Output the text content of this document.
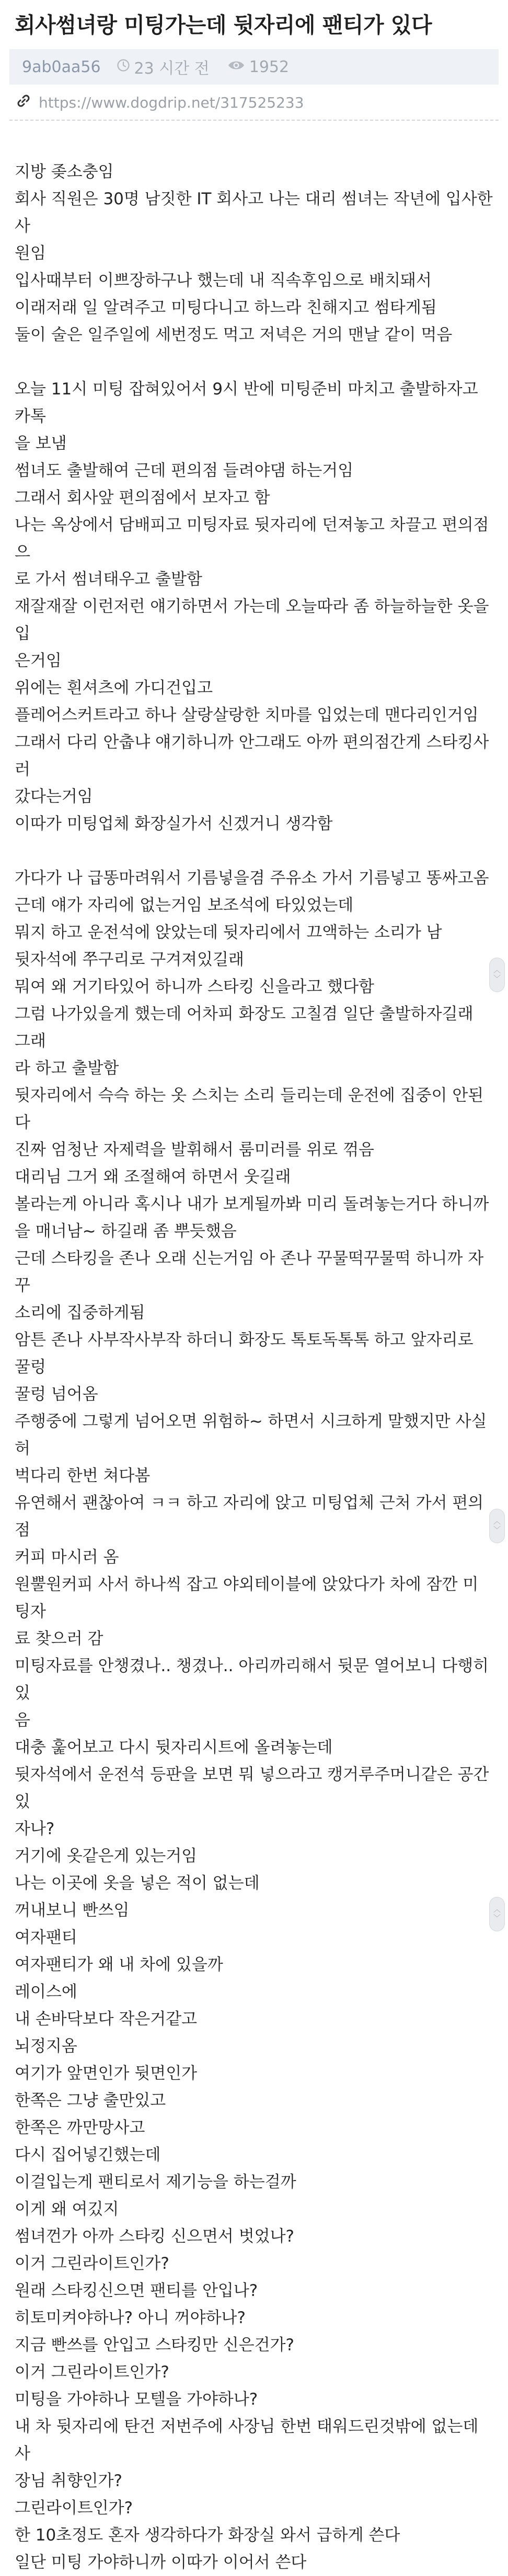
회사썸녀랑 미팅가는데 뒷자리에 팬티가 있다
9ab0aa56 23 시간 전	1952
https://www.dogdrip.net/317525233
지방 좆소충임
회사 직원은 30명 남짓한 IT 회사고 나는 대리 썸녀는 작년에 입사한 사
원임
입사때부터 이쁘장하구나 했는데 내 직속후임으로 배치돼서
이래저래 일 알려주고 미팅다니고 하느라 친해지고 썸타게됨
둘이 술은 일주일에 세번정도 먹고 저녁은 거의 맨날 같이 먹음
오늘 11시 미팅 잡혀있어서 9시 반에 미팅준비 마치고 출발하자고 카톡
을 보냄
썸녀도 출발해여 근데 편의점 들려야댐 하는거임
그래서 회사앞 편의점에서 보자고 함
나는 옥상에서 담배피고 미팅자료 뒷자리에 던져놓고 차끌고 편의점으
로 가서 썸녀태우고 출발함
재잘재잘 이런저런 얘기하면서 가는데 오늘따라 좀 하늘하늘한 옷을 입
은거임
위에는 흰셔츠에 가디건입고
플레어스커트라고 하나 살랑살랑한 치마를 입었는데 맨다리인거임
그래서 다리 안춥냐 얘기하니까 안그래도 아까 편의점간게 스타킹사러
갔다는거임
이따가 미팅업체 화장실가서 신겠거니 생각함
가다가 나 급똥마려워서 기름넣을겸 주유소 가서 기름넣고 똥싸고옴
근데 얘가 자리에 없는거임 보조석에 타있었는데
뭐지 하고 운전석에 앉았는데 뒷자리에서 끄액하는 소리가 남
뒷자석에 쭈구리로 구겨져있길래
뭐여 왜 거기타있어 하니까 스타킹 신을라고 했다함
그럼 나가있을게 했는데 어차피 화장도 고칠겸 일단 출발하자길래 그래
라 하고 출발함
뒷자리에서 슥슥 하는 옷 스치는 소리 들리는데 운전에 집중이 안된다
진짜 엄청난 자제력을 발휘해서 룸미러를 위로 꺾음
대리님 그거 왜 조절해여 하면서 웃길래
볼라는게 아니라 혹시나 내가 보게될까봐 미리 돌려놓는거다 하니까
을 매너남~ 하길래 좀 뿌듯했음
근데 스타킹을 존나 오래 신는거임 아 존나 꾸물떡꾸물떡 하니까 자꾸
소리에 집중하게됨
암튼 존나 사부작사부작 하더니 화장도 톡토독톡톡 하고 앞자리로 꿀렁
꿀렁 넘어옴
주행중에 그렇게 넘어오면 위험하~ 하면서 시크하게 말했지만 사실 허
벅다리 한번 쳐다봄
유연해서 괜찮아여 ㅋㅋ 하고 자리에 앉고 미팅업체 근처 가서 편의점
커피 마시러 옴
원뿔원커피 사서 하나씩 잡고 야외테이블에 앉았다가 차에 잠깐 미팅자
료 찾으러 감
미팅자료를 안챙겼나.. 챙겼나.. 아리까리해서 뒷문 열어보니 다행히 있
음
대충 훑어보고 다시 뒷자리시트에 올려놓는데
뒷자석에서 운전석 등판을 보면 뭐 넣으라고 캥거루주머니같은 공간 있
자나?
거기에 옷같은게 있는거임
나는 이곳에 옷을 넣은 적이 없는데
꺼내보니 빤쓰임
여자팬티
여자팬티가 왜 내 차에 있을까
레이스에
내 손바닥보다 작은거같고
뇌정지옴
여기가 앞면인가 뒷면인가
한쪽은 그냥 출만있고
한쪽은 까만망사고
다시 집어넣긴했는데
이걸입는게 팬티로서 제기능을 하는걸까
이게 왜 여깄지
썸녀껀가 아까 스타킹 신으면서 벗었나?
이거 그린라이트인가?
원래 스타킹신으면 팬티를 안입나?
히토미켜야하나? 아니 꺼야하나?
지금 빤쓰를 안입고 스타킹만 신은건가?
이거 그린라이트인가?
미팅을 가야하나 모텔을 가야하나?
내 차 뒷자리에 탄건 저번주에 사장님 한번 태워드린것밖에 없는데 사
장님 취향인가?
그린라이트인가?
한 10초정도 혼자 생각하다가 화장실 와서 급하게 쓴다
일단 미팅 가야하니까 이따가 이어서 쓴다
︿
﹀
︿
﹀
︿
﹀
